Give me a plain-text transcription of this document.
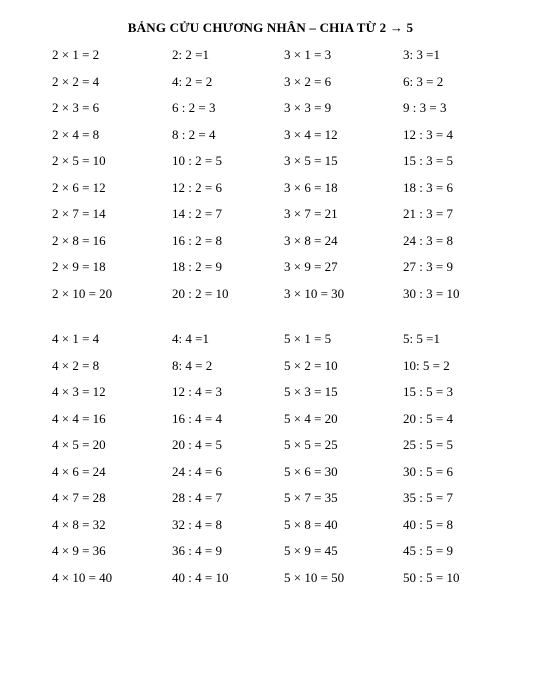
BẢNG CỬU CHƯƠNG NHÂN – CHIA TỪ 2 → 5
2 × 1 = 2	2: 2 =1	3 × 1 = 3	3: 3 =1
2 × 2 = 4	4: 2 = 2	3 × 2 = 6	6: 3 = 2
2 × 3 = 6	6 : 2 = 3	3 × 3 = 9	9 : 3 = 3
2 × 4 = 8	8 : 2 = 4	3 × 4 = 12	12 : 3 = 4
2 × 5 = 10	10 : 2 = 5	3 × 5 = 15	15 : 3 = 5
2 × 6 = 12	12 : 2 = 6	3 × 6 = 18	18 : 3 = 6
2 × 7 = 14	14 : 2 = 7	3 × 7 = 21	21 : 3 = 7
2 × 8 = 16	16 : 2 = 8	3 × 8 = 24	24 : 3 = 8
2 × 9 = 18	18 : 2 = 9	3 × 9 = 27	27 : 3 = 9
2 × 10 = 20	20 : 2 = 10	3 × 10 = 30	30 : 3 = 10
4 × 1 = 4	4: 4 =1	5 × 1 = 5	5: 5 =1
4 × 2 = 8	8: 4 = 2	5 × 2 = 10	10: 5 = 2
4 × 3 = 12	12 : 4 = 3	5 × 3 = 15	15 : 5 = 3
4 × 4 = 16	16 : 4 = 4	5 × 4 = 20	20 : 5 = 4
4 × 5 = 20	20 : 4 = 5	5 × 5 = 25	25 : 5 = 5
4 × 6 = 24	24 : 4 = 6	5 × 6 = 30	30 : 5 = 6
4 × 7 = 28	28 : 4 = 7	5 × 7 = 35	35 : 5 = 7
4 × 8 = 32	32 : 4 = 8	5 × 8 = 40	40 : 5 = 8
4 × 9 = 36	36 : 4 = 9	5 × 9 = 45	45 : 5 = 9
4 × 10 = 40	40 : 4 = 10	5 × 10 = 50	50 : 5 = 10
